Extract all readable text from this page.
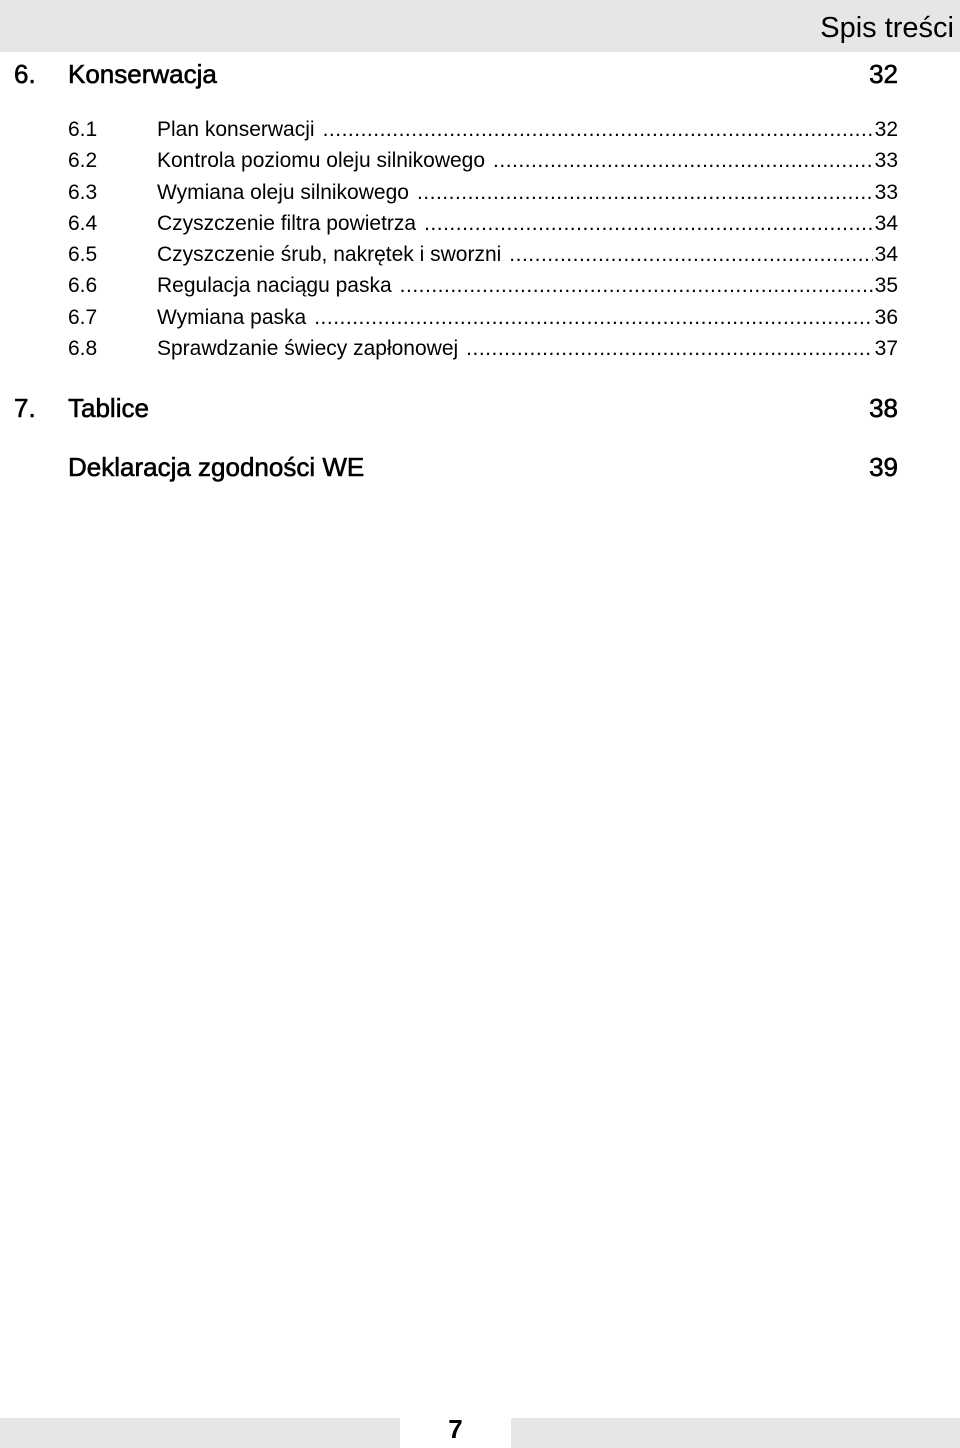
Spis treści
6. Konserwacja	32
6.1	Plan konserwacji .....	32
6.2	Kontrola poziomu oleju silnikowego .....	33
6.3	Wymiana oleju silnikowego .....	33
6.4	Czyszczenie filtra powietrza .....	34
6.5	Czyszczenie śrub, nakrętek i sworzni .....	34
6.6	Regulacja naciągu paska .....	35
6.7	Wymiana paska .....	36
6.8	Sprawdzanie świecy zapłonowej .....	37
7. Tablice	38
Deklaracja zgodności WE	39
7
